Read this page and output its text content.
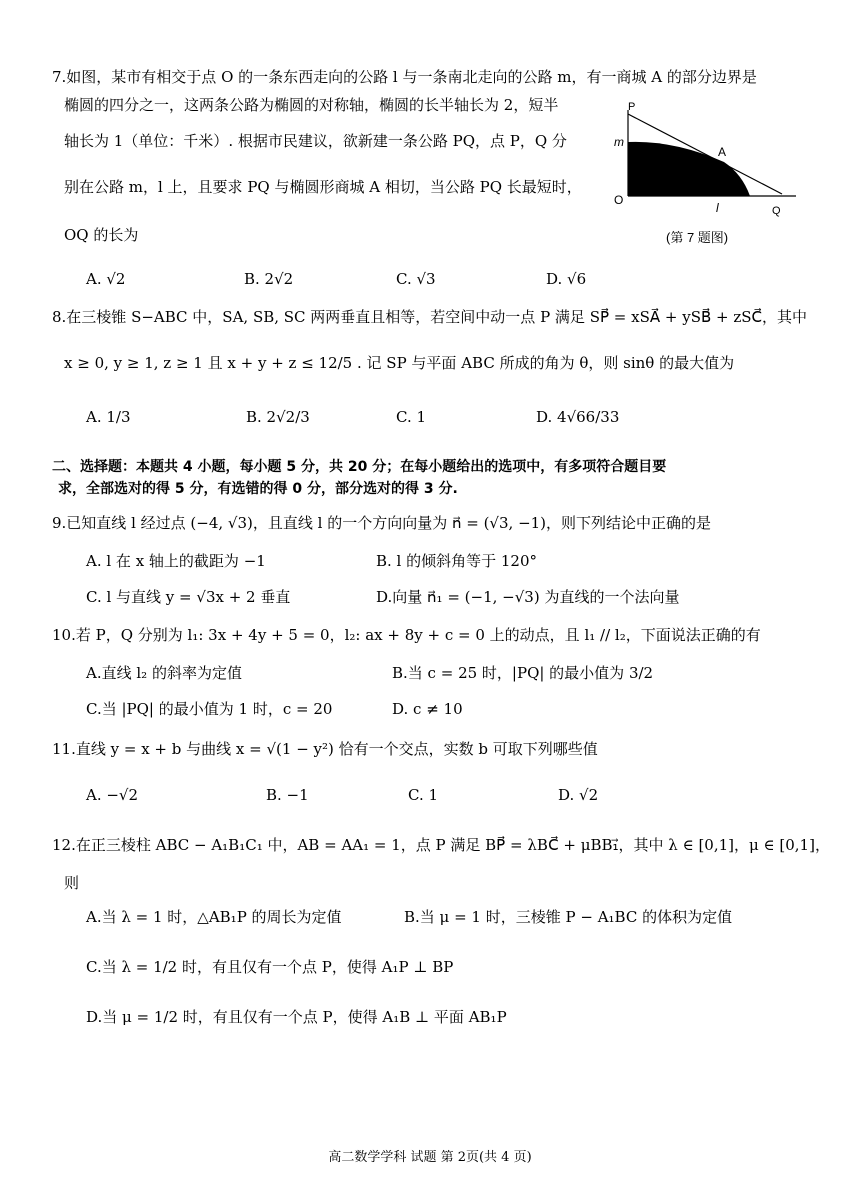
7.如图，某市有相交于点 O 的一条东西走向的公路 l 与一条南北走向的公路 m，有一商城 A 的部分边界是
椭圆的四分之一，这两条公路为椭圆的对称轴，椭圆的长半轴长为 2，短半
轴长为 1（单位：千米）. 根据市民建议，欲新建一条公路 PQ，点 P，Q 分
别在公路 m，l 上，且要求 PQ 与椭圆形商城 A 相切，当公路 PQ 长最短时，
OQ 的长为
P
m
A
O
l	Q
(第 7 题图)
A. √2	B. 2√2	C. √3	D. √6
8.在三棱锥 S−ABC 中，SA, SB, SC 两两垂直且相等，若空间中动一点 P 满足 SP⃗ = xSA⃗ + ySB⃗ + zSC⃗，其中
x ≥ 0, y ≥ 1, z ≥ 1 且 x + y + z ≤ 12/5 . 记 SP 与平面 ABC 所成的角为 θ，则 sinθ 的最大值为
A. 1/3	B. 2√2/3	C. 1	D. 4√66/33
二、选择题：本题共 4 小题，每小题 5 分，共 20 分；在每小题给出的选项中，有多项符合题目要
求，全部选对的得 5 分，有选错的得 0 分，部分选对的得 3 分.
9.已知直线 l 经过点 (−4, √3)，且直线 l 的一个方向向量为 n⃗ = (√3, −1)，则下列结论中正确的是
A. l 在 x 轴上的截距为 −1	B. l 的倾斜角等于 120°
C. l 与直线 y = √3x + 2 垂直	D.向量 n⃗₁ = (−1, −√3) 为直线的一个法向量
10.若 P，Q 分别为 l₁: 3x + 4y + 5 = 0，l₂: ax + 8y + c = 0 上的动点，且 l₁ // l₂，下面说法正确的有
A.直线 l₂ 的斜率为定值	B.当 c = 25 时，|PQ| 的最小值为 3/2
C.当 |PQ| 的最小值为 1 时，c = 20	D. c ≠ 10
11.直线 y = x + b 与曲线 x = √(1 − y²) 恰有一个交点，实数 b 可取下列哪些值
A. −√2	B. −1	C. 1	D. √2
12.在正三棱柱 ABC − A₁B₁C₁ 中，AB = AA₁ = 1，点 P 满足 BP⃗ = λBC⃗ + μBB₁⃗，其中 λ ∈ [0,1]，μ ∈ [0,1]，
则
A.当 λ = 1 时，△AB₁P 的周长为定值	B.当 μ = 1 时，三棱锥 P − A₁BC 的体积为定值
C.当 λ = 1/2 时，有且仅有一个点 P，使得 A₁P ⊥ BP
D.当 μ = 1/2 时，有且仅有一个点 P，使得 A₁B ⊥ 平面 AB₁P
高二数学学科 试题 第 2页(共 4 页)
